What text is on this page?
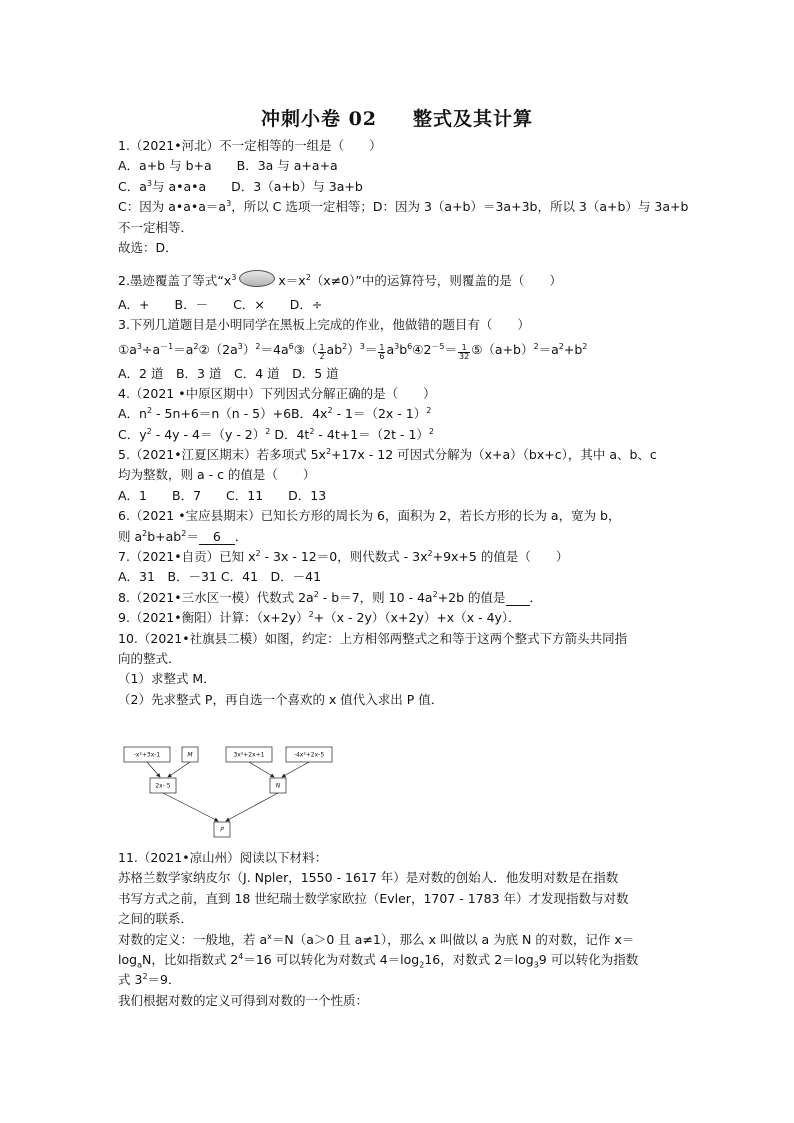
冲刺小卷 02 整式及其计算
1.（2021•河北）不一定相等的一组是（　　）
A．a+b 与 b+a　　B．3a 与 a+a+a
C．$a^3$与 a•a•a　　D．3（a+b）与 3a+b
C：因为 $a•a•a=a^3$，所以 C 选项一定相等；D：因为 3（a+b）＝3a+3b，所以 3（a+b）与 3a+b
不一定相等．
故选：D．
2.墨迹覆盖了等式“$x^3$	$x=x^2(x\ne 0)$”中的运算符号，则覆盖的是（　　）
A．+　　B．－　　C．×　　D．÷
3.下列几道题目是小明同学在黑板上完成的作业，他做错的题目有（　　）
$①a^3\div a^{-1}=a^2②(2a^3)^2=4a^6③( \frac{1}{2} ab^2)^3= \frac{1}{6}$ $a^3b^6④2^{-5}= \frac{1}{32}$ $⑤(a+b)^2=a^2+b^2$
A．2 道　B．3 道　C．4 道　D．5 道
4.（2021 •中原区期中）下列因式分解正确的是（　　）
A．$n^2 - 5n+6=n(n - 5)+6B$．$4x^2 - 1=(2x - 1)^2$
C．$y^2 - 4y - 4=(y - 2)^2$ D．$4t^2 - 4t+1=(2t - 1)^2$
5.（2021•江夏区期末）若多项式 $5x^2+17x - 12$ 可因式分解为（x+a）（bx+c），其中 a、b、c
均为整数，则 a - c 的值是（　　）
A．1　　B．7　　C．11　　D．13
6.（2021 •宝应县期末）已知长方形的周长为 6，面积为 2，若长方形的长为 a，宽为 b，
则 $a^2b+ab^2= 6$ ．
7.（2021•自贡）已知 $x^2 - 3x - 12=0$，则代数式 - $3x^2+9x+5$ 的值是（　　）
A．31　B．－31 C．41　D．－41
8.（2021•三水区一模）代数式 $2a^2 - b=7$，则 $10 - 4a^2+2b$ 的值是 ．
9.（2021•衡阳）计算：$(x+2y)^2+(x - 2y)(x+2y)+x(x - 4y)$．
10.（2021•社旗县二模）如图，约定：上方相邻两整式之和等于这两个整式下方箭头共同指
向的整式．
（1）求整式 M．
（2）先求整式 P，再自选一个喜欢的 x 值代入求出 P 值．
-x²+3x-1	M	3x²+2x+1	-4x²+2x-5
2x- 5	N
P
11.（2021•凉山州）阅读以下材料：
苏格兰数学家纳皮尔（J. Npler，1550 - 1617 年）是对数的创始人．他发明对数是在指数
书写方式之前，直到 18 世纪瑞士数学家欧拉（Evler，1707 - 1783 年）才发现指数与对数
之间的联系．
对数的定义：一般地，若 $a^x=N(a>0$ 且 a≠1），那么 x 叫做以 a 为底 N 的对数，记作 x＝
$\log_aN$，比如指数式 $2^4=16$ 可以转化为对数式 $4=\log_216$，对数式 $2=\log_39$ 可以转化为指数
式 $3^2=9$．
我们根据对数的定义可得到对数的一个性质：
